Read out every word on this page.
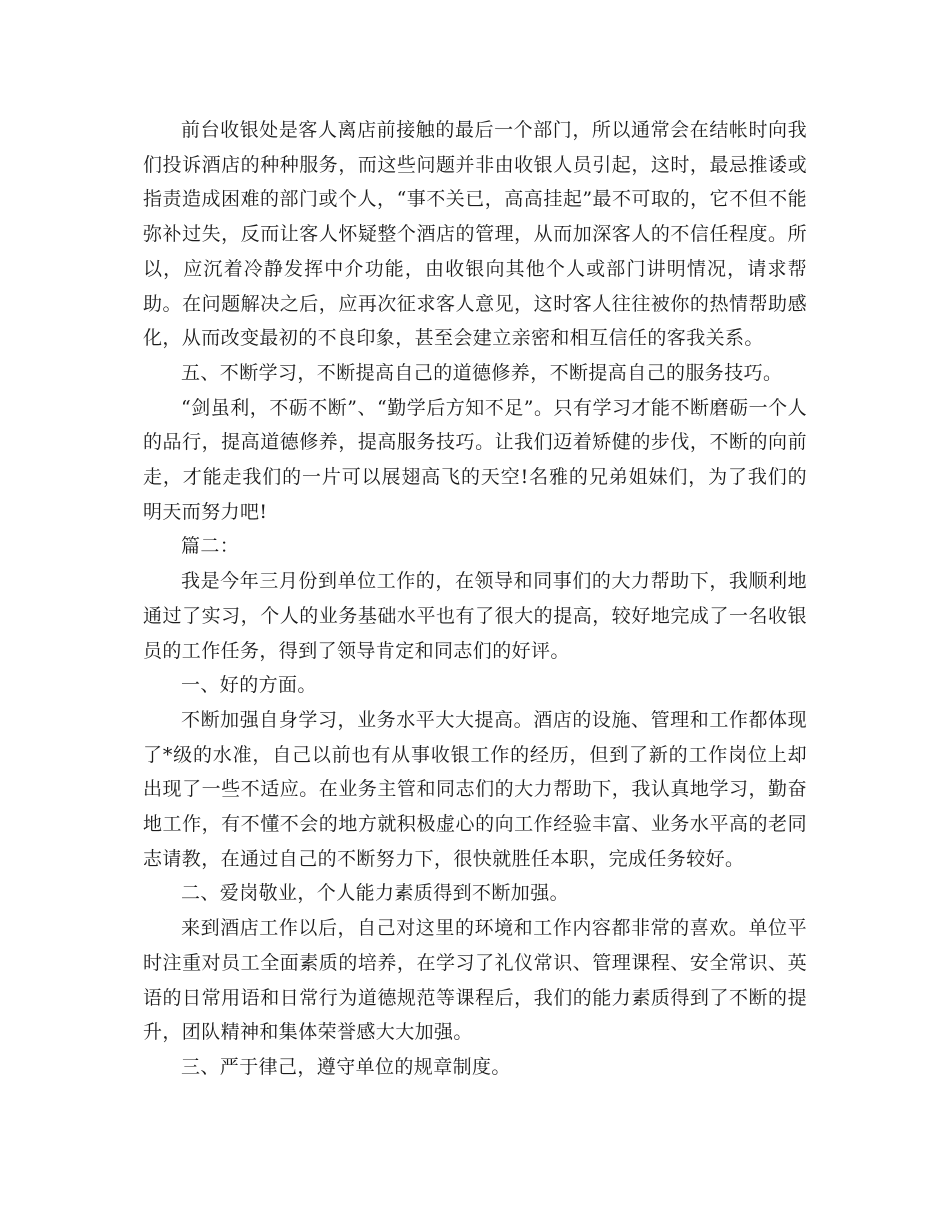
前台收银处是客人离店前接触的最后一个部门，所以通常会在结帐时向我们投诉酒店的种种服务，而这些问题并非由收银人员引起，这时，最忌推诿或指责造成困难的部门或个人，“事不关已，高高挂起”最不可取的，它不但不能弥补过失，反而让客人怀疑整个酒店的管理，从而加深客人的不信任程度。所以，应沉着冷静发挥中介功能，由收银向其他个人或部门讲明情况，请求帮助。在问题解决之后，应再次征求客人意见，这时客人往往被你的热情帮助感化，从而改变最初的不良印象，甚至会建立亲密和相互信任的客我关系。

五、不断学习，不断提高自己的道德修养，不断提高自己的服务技巧。

“剑虽利，不砺不断”、“勤学后方知不足”。只有学习才能不断磨砺一个人的品行，提高道德修养，提高服务技巧。让我们迈着矫健的步伐，不断的向前走，才能走我们的一片可以展翅高飞的天空!名雅的兄弟姐妹们，为了我们的明天而努力吧!

篇二：

我是今年三月份到单位工作的，在领导和同事们的大力帮助下，我顺利地通过了实习，个人的业务基础水平也有了很大的提高，较好地完成了一名收银员的工作任务，得到了领导肯定和同志们的好评。

一、好的方面。

不断加强自身学习，业务水平大大提高。酒店的设施、管理和工作都体现了*级的水准，自己以前也有从事收银工作的经历，但到了新的工作岗位上却出现了一些不适应。在业务主管和同志们的大力帮助下，我认真地学习，勤奋地工作，有不懂不会的地方就积极虚心的向工作经验丰富、业务水平高的老同志请教，在通过自己的不断努力下，很快就胜任本职，完成任务较好。

二、爱岗敬业，个人能力素质得到不断加强。

来到酒店工作以后，自己对这里的环境和工作内容都非常的喜欢。单位平时注重对员工全面素质的培养，在学习了礼仪常识、管理课程、安全常识、英语的日常用语和日常行为道德规范等课程后，我们的能力素质得到了不断的提升，团队精神和集体荣誉感大大加强。

三、严于律己，遵守单位的规章制度。
